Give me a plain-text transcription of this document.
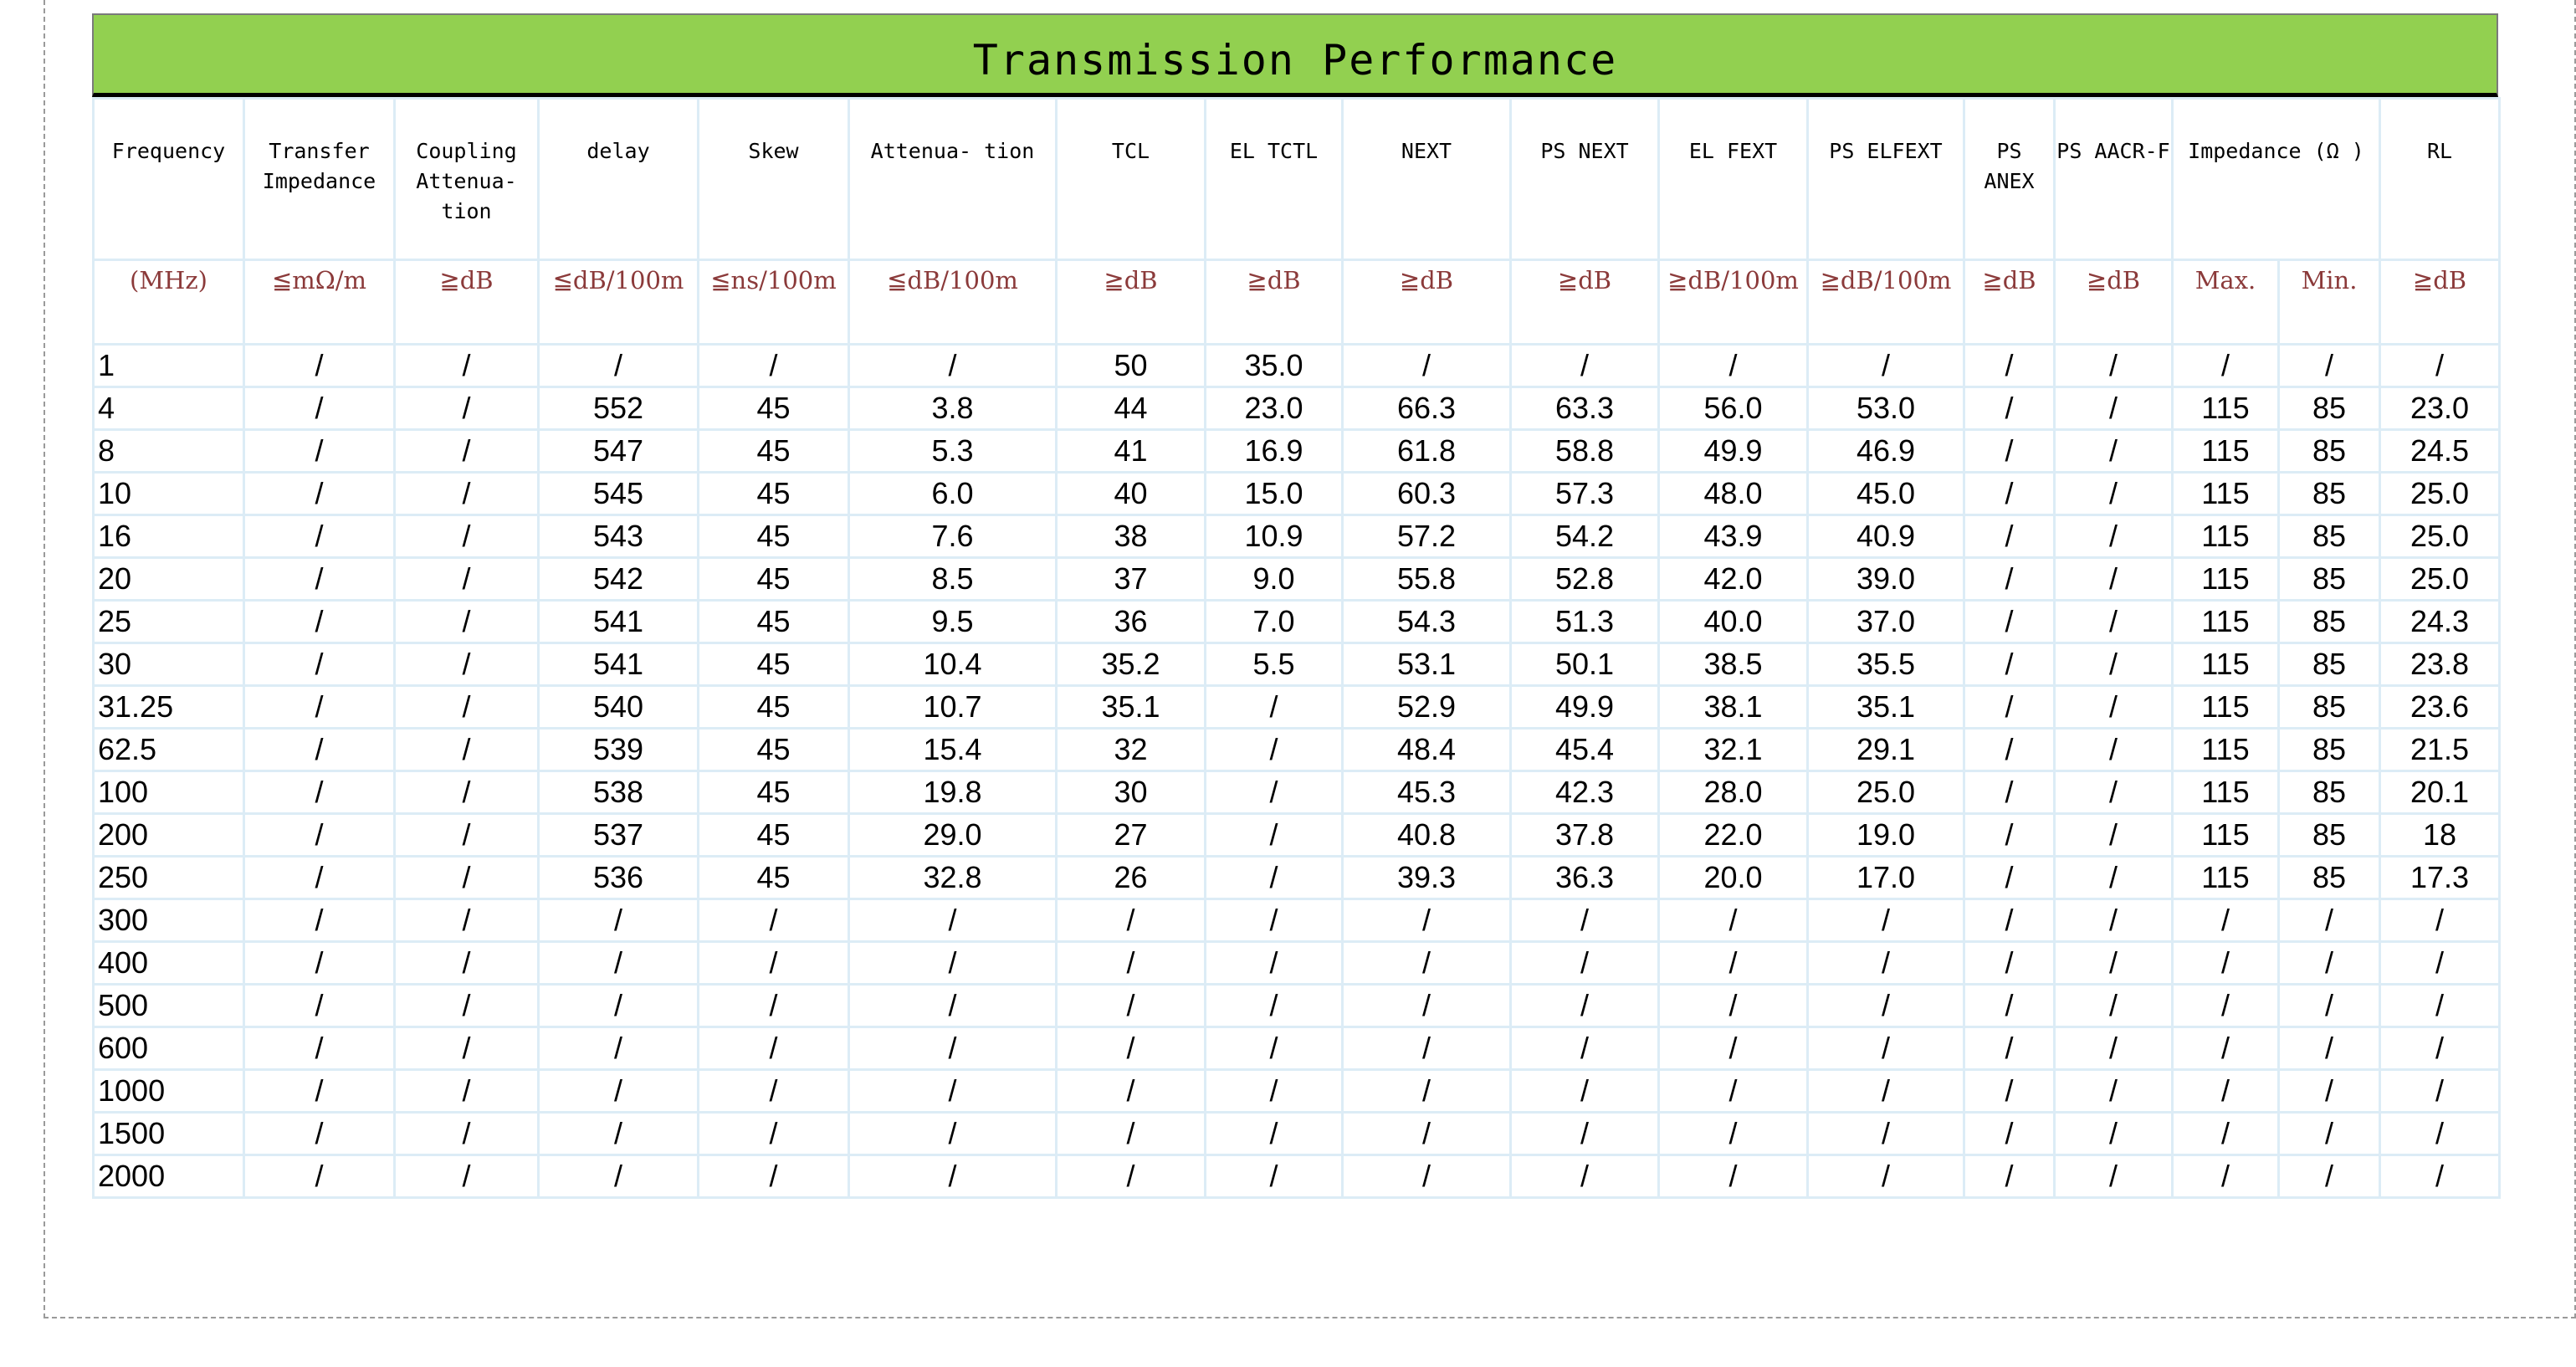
Transmission Performance
Frequency	Transfer Impedance	Coupling Attenua-tion	delay	Skew	Attenua- tion	TCL	EL TCTL	NEXT	PS NEXT	EL FEXT	PS ELFEXT	PS ANEX	PS AACR-F	Impedance (Ω )		RL
(MHz)	≦mΩ/m	≧dB	≦dB/100m	≦ns/100m	≦dB/100m	≧dB	≧dB	≧dB	≧dB	≧dB/100m	≧dB/100m	≧dB	≧dB	Max.	Min.	≧dB
1	/	/	/	/	/	50	35.0	/	/	/	/	/	/	/	/	/
4	/	/	552	45	3.8	44	23.0	66.3	63.3	56.0	53.0	/	/	115	85	23.0
8	/	/	547	45	5.3	41	16.9	61.8	58.8	49.9	46.9	/	/	115	85	24.5
10	/	/	545	45	6.0	40	15.0	60.3	57.3	48.0	45.0	/	/	115	85	25.0
16	/	/	543	45	7.6	38	10.9	57.2	54.2	43.9	40.9	/	/	115	85	25.0
20	/	/	542	45	8.5	37	9.0	55.8	52.8	42.0	39.0	/	/	115	85	25.0
25	/	/	541	45	9.5	36	7.0	54.3	51.3	40.0	37.0	/	/	115	85	24.3
30	/	/	541	45	10.4	35.2	5.5	53.1	50.1	38.5	35.5	/	/	115	85	23.8
31.25	/	/	540	45	10.7	35.1	/	52.9	49.9	38.1	35.1	/	/	115	85	23.6
62.5	/	/	539	45	15.4	32	/	48.4	45.4	32.1	29.1	/	/	115	85	21.5
100	/	/	538	45	19.8	30	/	45.3	42.3	28.0	25.0	/	/	115	85	20.1
200	/	/	537	45	29.0	27	/	40.8	37.8	22.0	19.0	/	/	115	85	18
250	/	/	536	45	32.8	26	/	39.3	36.3	20.0	17.0	/	/	115	85	17.3
300	/	/	/	/	/	/	/	/	/	/	/	/	/	/	/	/
400	/	/	/	/	/	/	/	/	/	/	/	/	/	/	/	/
500	/	/	/	/	/	/	/	/	/	/	/	/	/	/	/	/
600	/	/	/	/	/	/	/	/	/	/	/	/	/	/	/	/
1000	/	/	/	/	/	/	/	/	/	/	/	/	/	/	/	/
1500	/	/	/	/	/	/	/	/	/	/	/	/	/	/	/	/
2000	/	/	/	/	/	/	/	/	/	/	/	/	/	/	/	/
